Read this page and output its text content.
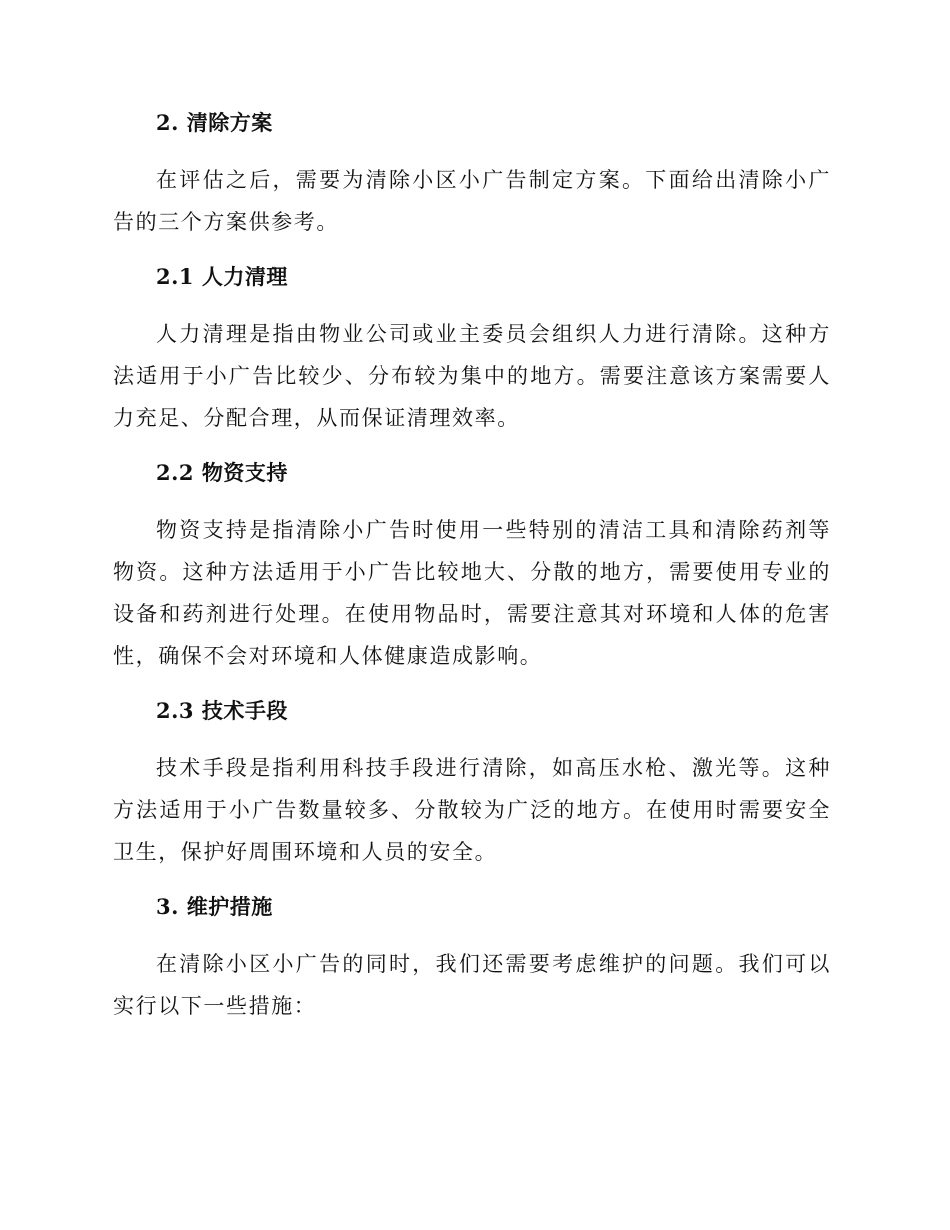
2. 清除方案

在评估之后，需要为清除小区小广告制定方案。下面给出清除小广告的三个方案供参考。

2.1 人力清理

人力清理是指由物业公司或业主委员会组织人力进行清除。这种方法适用于小广告比较少、分布较为集中的地方。需要注意该方案需要人力充足、分配合理，从而保证清理效率。

2.2 物资支持

物资支持是指清除小广告时使用一些特别的清洁工具和清除药剂等物资。这种方法适用于小广告比较地大、分散的地方，需要使用专业的设备和药剂进行处理。在使用物品时，需要注意其对环境和人体的危害性，确保不会对环境和人体健康造成影响。

2.3 技术手段

技术手段是指利用科技手段进行清除，如高压水枪、激光等。这种方法适用于小广告数量较多、分散较为广泛的地方。在使用时需要安全卫生，保护好周围环境和人员的安全。

3. 维护措施

在清除小区小广告的同时，我们还需要考虑维护的问题。我们可以实行以下一些措施：
